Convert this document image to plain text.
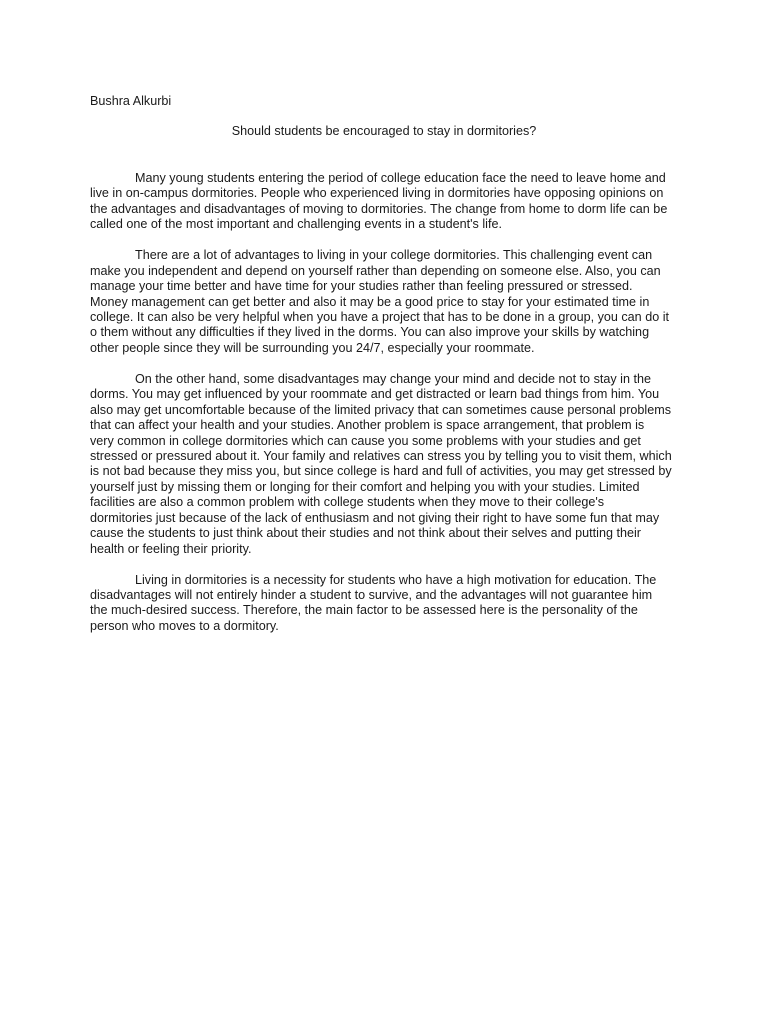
Bushra Alkurbi
Should students be encouraged to stay in dormitories?
Many young students entering the period of college education face the need to leave home and
live in on-campus dormitories. People who experienced living in dormitories have opposing opinions on
the advantages and disadvantages of moving to dormitories. The change from home to dorm life can be
called one of the most important and challenging events in a student's life.
There are a lot of advantages to living in your college dormitories. This challenging event can
make you independent and depend on yourself rather than depending on someone else. Also, you can
manage your time better and have time for your studies rather than feeling pressured or stressed.
Money management can get better and also it may be a good price to stay for your estimated time in
college. It can also be very helpful when you have a project that has to be done in a group, you can do it
o them without any difficulties if they lived in the dorms. You can also improve your skills by watching
other people since they will be surrounding you 24/7, especially your roommate.
On the other hand, some disadvantages may change your mind and decide not to stay in the
dorms. You may get influenced by your roommate and get distracted or learn bad things from him. You
also may get uncomfortable because of the limited privacy that can sometimes cause personal problems
that can affect your health and your studies. Another problem is space arrangement, that problem is
very common in college dormitories which can cause you some problems with your studies and get
stressed or pressured about it. Your family and relatives can stress you by telling you to visit them, which
is not bad because they miss you, but since college is hard and full of activities, you may get stressed by
yourself just by missing them or longing for their comfort and helping you with your studies. Limited
facilities are also a common problem with college students when they move to their college's
dormitories just because of the lack of enthusiasm and not giving their right to have some fun that may
cause the students to just think about their studies and not think about their selves and putting their
health or feeling their priority.
Living in dormitories is a necessity for students who have a high motivation for education. The
disadvantages will not entirely hinder a student to survive, and the advantages will not guarantee him
the much-desired success. Therefore, the main factor to be assessed here is the personality of the
person who moves to a dormitory.
